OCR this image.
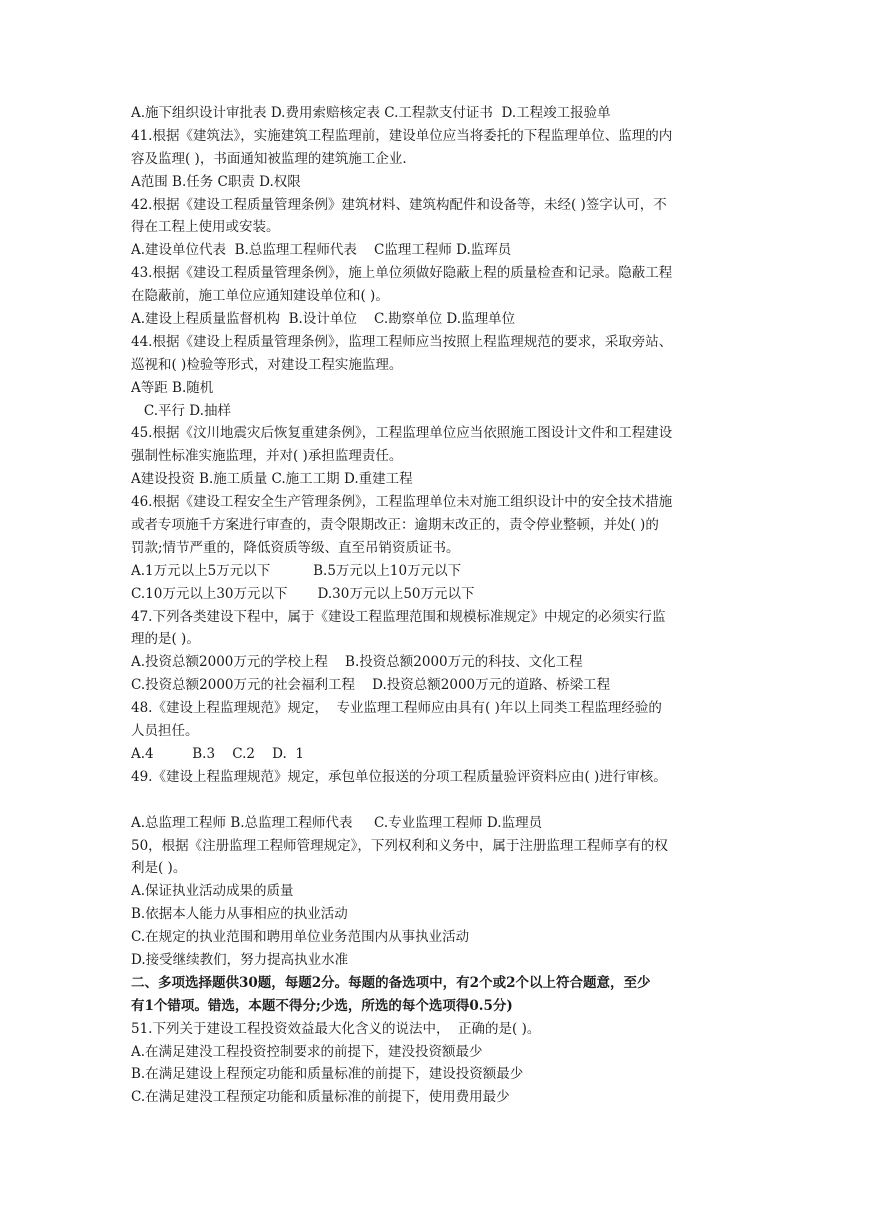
A.施下组织设计审批表 D.费用索赔核定表 C.工程款支付证书  D.工程竣工报验单
41.根据《建筑法》，实施建筑工程监理前，建设单位应当将委托的下程监理单位、监理的内
容及监理( )，书面通知被监理的建筑施工企业.
A范围 B.任务 C职责 D.权限
42.根据《建设工程质量管理条例》建筑材料、建筑构配件和设备等，未经( )签字认可，不
得在工程上使用或安装。
A.建设单位代表  B.总监理工程师代表    C监理工程师 D.监珲员
43.根据《建设工程质量管理条例》，施上单位须做好隐蔽上程的质量检查和记录。隐蔽工程
在隐蔽前，施工单位应通知建设单位和( )。
A.建设上程质量监督机构  B.设计单位    C.勘察单位 D.监理单位
44.根据《建设上程质量管理条例》，监理工程师应当按照上程监理规范的要求，采取旁站、
巡视和( )检验等形式，对建设工程实施监理。
A等距 B.随机
C.平行 D.抽样
45.根据《汶川地震灾后恢复重建条例》，工程监理单位应当依照施工图设计文件和工程建设
强制性标准实施监理，并对( )承担监理责任。
A建设投资 B.施工质量 C.施工工期 D.重建工程
46.根据《建设工程安全生产管理条例》，工程监理单位未对施工组织设计中的安全技术措施
或者专项施千方案进行审查的，责令限期改正：逾期末改正的，责令停业整顿，并处( )的
罚款;情节严重的，降低资质等级、直至吊销资质证书。
A.1万元以上5万元以下          B.5万元以上10万元以下
C.10万元以上30万元以下       D.30万元以上50万元以下
47.下列各类建设下程中，属于《建设工程监理范围和规模标准规定》中规定的必须实行监
理的是( )。
A.投资总额2000万元的学校上程    B.投资总额2000万元的科技、文化工程
C.投资总额2000万元的社会福利工程    D.投资总额2000万元的道路、桥梁工程
48.《建设上程监理规范》规定，  专业监理工程师应由具有( )年以上同类工程监理经验的
人员担任。
A.4         B.3    C.2    D.  1
49.《建设上程监理规范》规定，承包单位报送的分项工程质量验评资料应由( )进行审核。
A.总监理工程师 B.总监理工程师代表     C.专业监理工程师 D.监理员
50，根据《注册监理工程师管理规定》，下列权利和义务中，属于注册监理工程师享有的权
利是( )。
A.保证执业活动成果的质量
B.依据本人能力从事相应的执业活动
C.在规定的执业范围和聘用单位业务范围内从事执业活动
D.接受继续教们，努力提高执业水准
二、多项选择题供30题，每题2分。每题的备选项中，有2个或2个以上符合题意，至少
有1个错项。错选，本题不得分;少选，所选的每个选项得0.5分)
51.下列关于建设工程投资效益最大化含义的说法中，  正确的是( )。
A.在满足建没工程投资控制要求的前提下，建没投资额最少
B.在满足建设上程预定功能和质量标准的前提下，建设投资额最少
C.在满足建没工程预定功能和质量标准的前提下，使用费用最少
